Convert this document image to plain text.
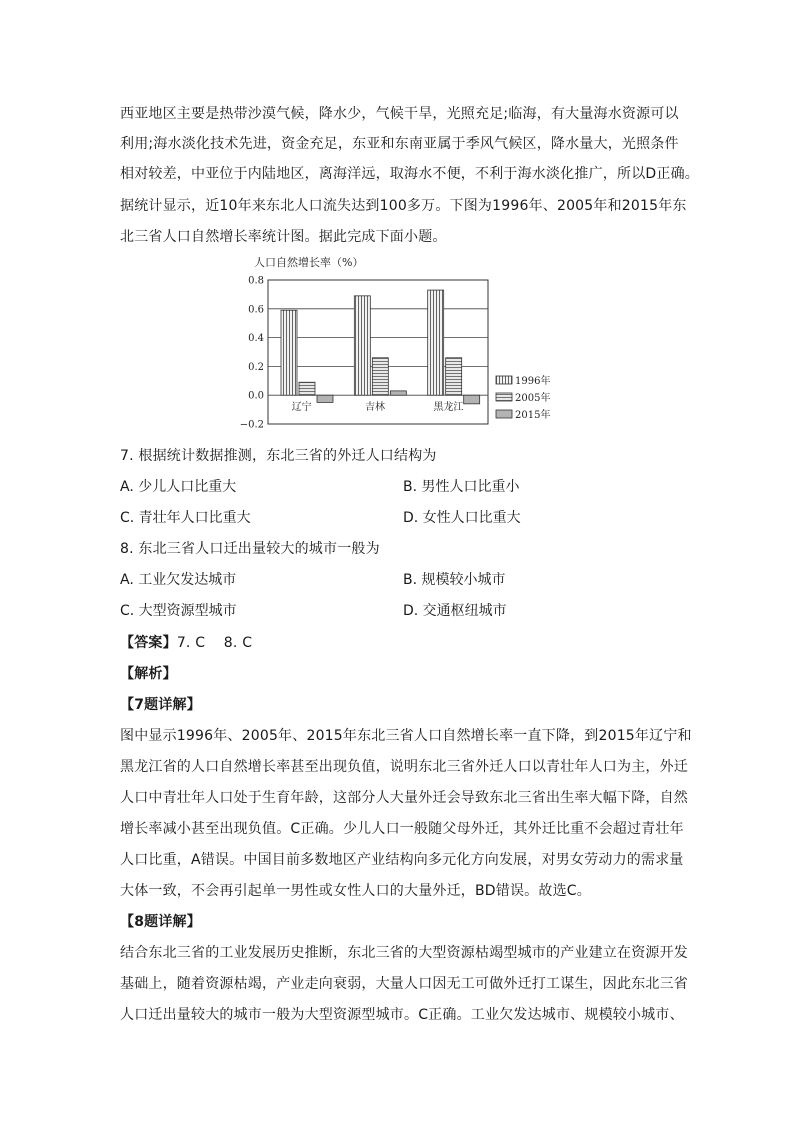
西亚地区主要是热带沙漠气候，降水少，气候干旱，光照充足;临海，有大量海水资源可以
利用;海水淡化技术先进，资金充足，东亚和东南亚属于季风气候区，降水量大，光照条件
相对较差，中亚位于内陆地区，离海洋远，取海水不便，不利于海水淡化推广，所以D正确。
据统计显示，近10年来东北人口流失达到100多万。下图为1996年、2005年和2015年东
北三省人口自然增长率统计图。据此完成下面小题。
人口自然增长率（%）
0.8
0.6
0.4
0.2
0.0
−0.2
辽宁	吉林	黑龙江
1996年
2005年
2015年
7. 根据统计数据推测，东北三省的外迁人口结构为
A. 少儿人口比重大	B. 男性人口比重小
C. 青壮年人口比重大	D. 女性人口比重大
8. 东北三省人口迁出量较大的城市一般为
A. 工业欠发达城市	B. 规模较小城市
C. 大型资源型城市	D. 交通枢纽城市
【答案】7. C    8. C
【解析】
【7题详解】
图中显示1996年、2005年、2015年东北三省人口自然增长率一直下降，到2015年辽宁和
黑龙江省的人口自然增长率甚至出现负值，说明东北三省外迁人口以青壮年人口为主，外迁
人口中青壮年人口处于生育年龄，这部分人大量外迁会导致东北三省出生率大幅下降，自然
增长率减小甚至出现负值。C正确。少儿人口一般随父母外迁，其外迁比重不会超过青壮年
人口比重，A错误。中国目前多数地区产业结构向多元化方向发展，对男女劳动力的需求量
大体一致，不会再引起单一男性或女性人口的大量外迁，BD错误。故选C。
【8题详解】
结合东北三省的工业发展历史推断，东北三省的大型资源枯竭型城市的产业建立在资源开发
基础上，随着资源枯竭，产业走向衰弱，大量人口因无工可做外迁打工谋生，因此东北三省
人口迁出量较大的城市一般为大型资源型城市。C正确。工业欠发达城市、规模较小城市、
